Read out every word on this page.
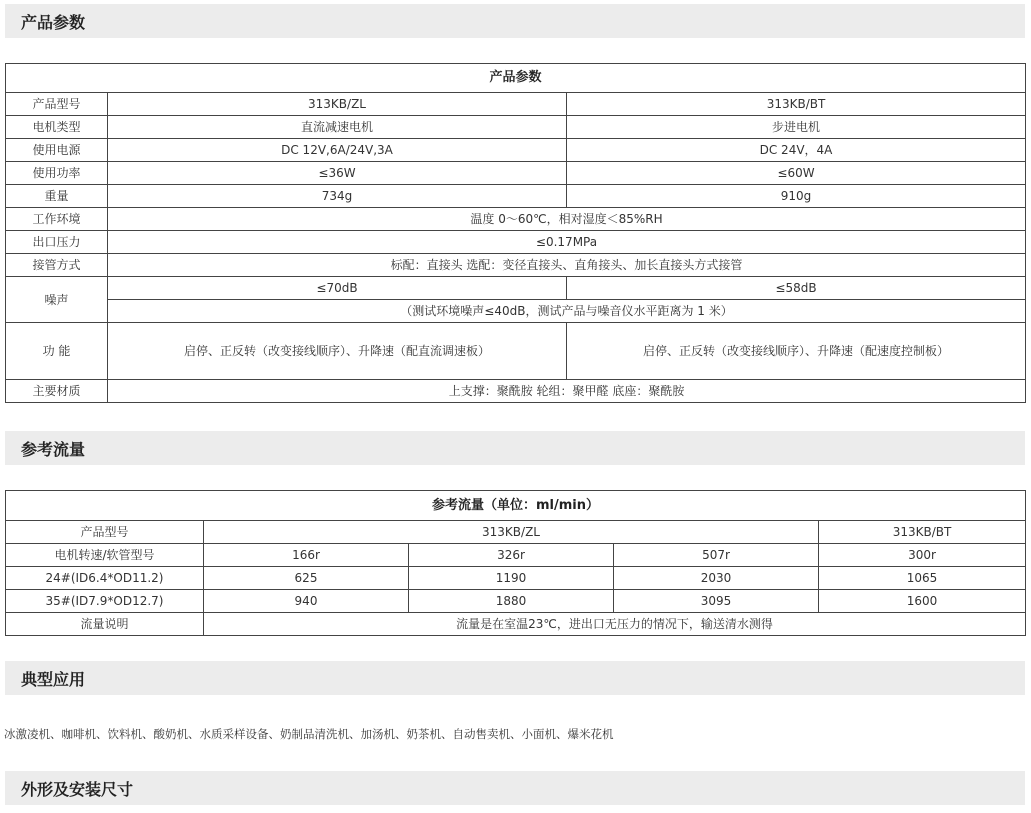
产品参数
产品参数		
产品型号	313KB/ZL	313KB/BT
电机类型	直流减速电机	步进电机
使用电源	DC 12V,6A/24V,3A	DC 24V，4A
使用功率	≤36W	≤60W
重量	734g	910g
工作环境	温度 0～60℃，相对湿度＜85%RH	
出口压力	≤0.17MPa	
接管方式	标配：直接头 选配：变径直接头、直角接头、加长直接头方式接管	
噪声	≤70dB	≤58dB
	（测试环境噪声≤40dB，测试产品与噪音仪水平距离为 1 米）	
功 能	启停、正反转（改变接线顺序）、升降速（配直流调速板）	启停、正反转（改变接线顺序）、升降速（配速度控制板）
主要材质	上支撑：聚酰胺 轮组：聚甲醛 底座：聚酰胺	
参考流量
参考流量（单位：ml/min）				
产品型号	313KB/ZL			313KB/BT
电机转速/软管型号	166r	326r	507r	300r
24#(ID6.4*OD11.2)	625	1190	2030	1065
35#(ID7.9*OD12.7)	940	1880	3095	1600
流量说明	流量是在室温23℃，进出口无压力的情况下，输送清水测得			
典型应用
冰激凌机、咖啡机、饮料机、酸奶机、水质采样设备、奶制品清洗机、加汤机、奶茶机、自动售卖机、小面机、爆米花机
外形及安装尺寸
